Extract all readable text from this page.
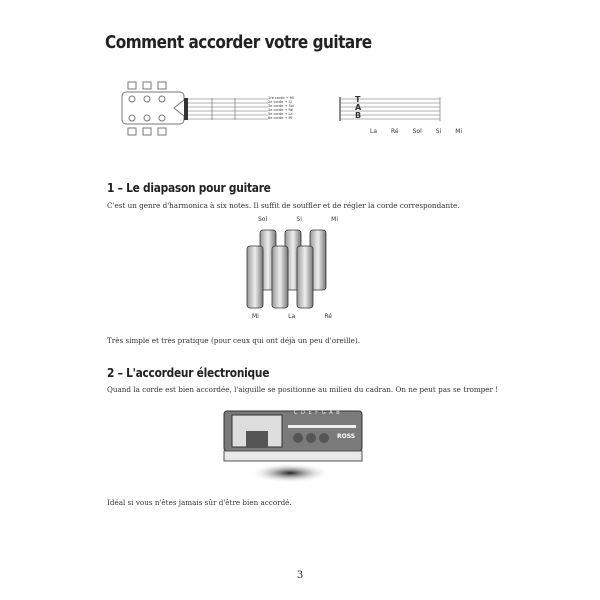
Comment accorder votre guitare
1re corde → Mi
2e corde → Si
3e corde → Sol
4e corde → Ré
5e corde → La
6e corde → Mi
T
A
B
La Ré Sol Si Mi
1 – Le diapason pour guitare

C'est un genre d'harmonica à six notes. Il suffit de souffler et de régler la corde correspondante.

Sol	Si	Mi
Mi	La	Ré

Très simple et très pratique (pour ceux qui ont déjà un peu d'oreille).

2 – L'accordeur électronique

Quand la corde est bien accordée, l'aiguille se positionne au milieu du cadran. On ne peut pas se tromper !

C D E F G A B
ROSS

Idéal si vous n'êtes jamais sûr d'être bien accordé.

3
